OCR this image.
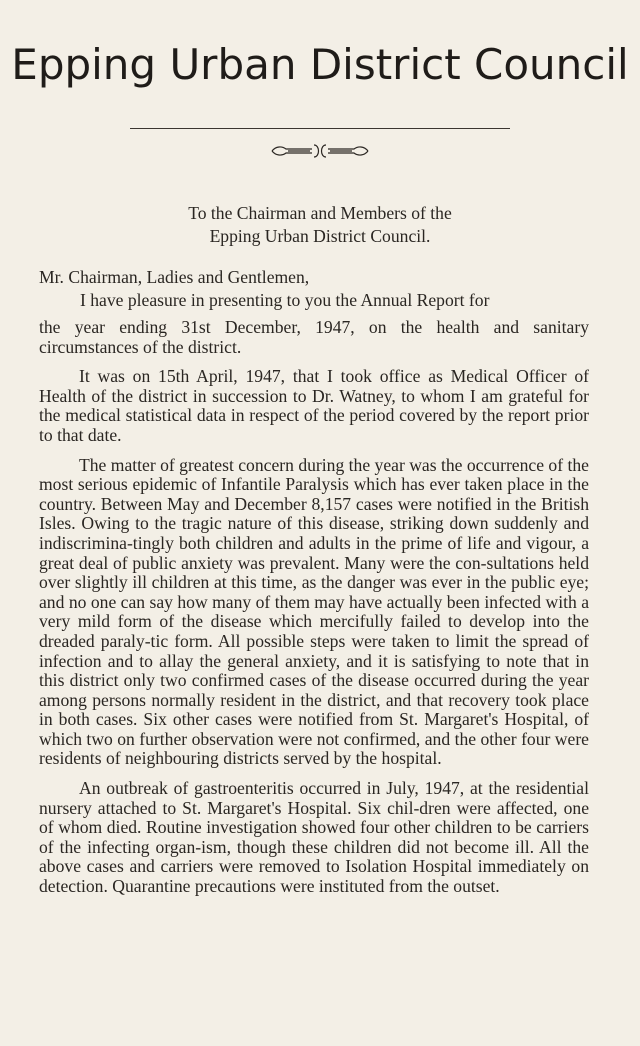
Epping Urban District Council
To the Chairman and Members of the
Epping Urban District Council.
Mr. Chairman, Ladies and Gentlemen,
I have pleasure in presenting to you the Annual Report for

the year ending 31st December, 1947, on the health and sanitary circumstances of the district.

It was on 15th April, 1947, that I took office as Medical Officer of Health of the district in succession to Dr. Watney, to whom I am grateful for the medical statistical data in respect of the period covered by the report prior to that date.

The matter of greatest concern during the year was the occurrence of the most serious epidemic of Infantile Paralysis which has ever taken place in the country. Between May and December 8,157 cases were notified in the British Isles. Owing to the tragic nature of this disease, striking down suddenly and indiscrimina-tingly both children and adults in the prime of life and vigour, a great deal of public anxiety was prevalent. Many were the con-sultations held over slightly ill children at this time, as the danger was ever in the public eye; and no one can say how many of them may have actually been infected with a very mild form of the disease which mercifully failed to develop into the dreaded paraly-tic form. All possible steps were taken to limit the spread of infection and to allay the general anxiety, and it is satisfying to note that in this district only two confirmed cases of the disease occurred during the year among persons normally resident in the district, and that recovery took place in both cases. Six other cases were notified from St. Margaret's Hospital, of which two on further observation were not confirmed, and the other four were residents of neighbouring districts served by the hospital.

An outbreak of gastroenteritis occurred in July, 1947, at the residential nursery attached to St. Margaret's Hospital. Six chil-dren were affected, one of whom died. Routine investigation showed four other children to be carriers of the infecting organ-ism, though these children did not become ill. All the above cases and carriers were removed to Isolation Hospital immediately on detection. Quarantine precautions were instituted from the outset.
